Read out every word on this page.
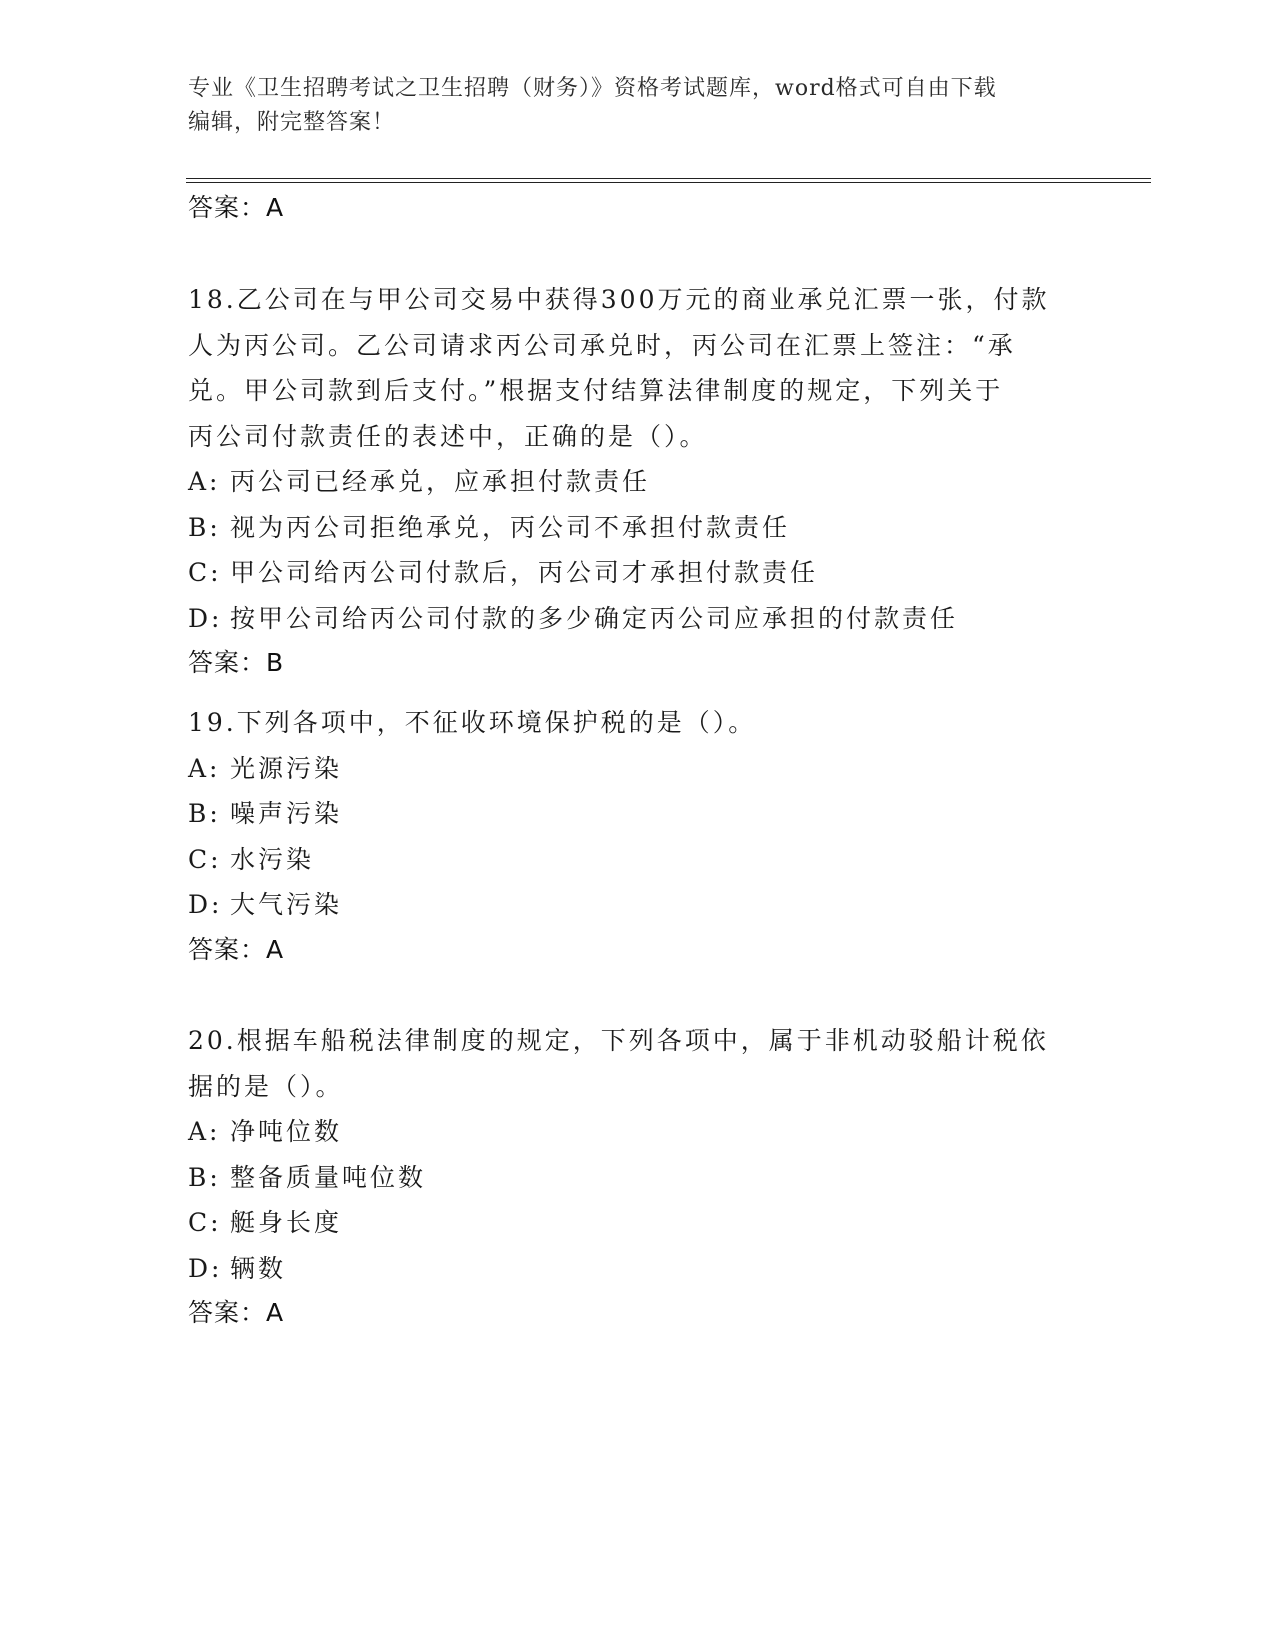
专业《卫生招聘考试之卫生招聘（财务）》资格考试题库，word格式可自由下载
编辑，附完整答案！
答案：A
18.乙公司在与甲公司交易中获得300万元的商业承兑汇票一张，付款
人为丙公司。乙公司请求丙公司承兑时，丙公司在汇票上签注：“承
兑。甲公司款到后支付。”根据支付结算法律制度的规定，下列关于
丙公司付款责任的表述中，正确的是（）。
A: 丙公司已经承兑，应承担付款责任
B: 视为丙公司拒绝承兑，丙公司不承担付款责任
C: 甲公司给丙公司付款后，丙公司才承担付款责任
D: 按甲公司给丙公司付款的多少确定丙公司应承担的付款责任
答案：B
19.下列各项中，不征收环境保护税的是（）。
A: 光源污染
B: 噪声污染
C: 水污染
D: 大气污染
答案：A
20.根据车船税法律制度的规定，下列各项中，属于非机动驳船计税依
据的是（）。
A: 净吨位数
B: 整备质量吨位数
C: 艇身长度
D: 辆数
答案：A
